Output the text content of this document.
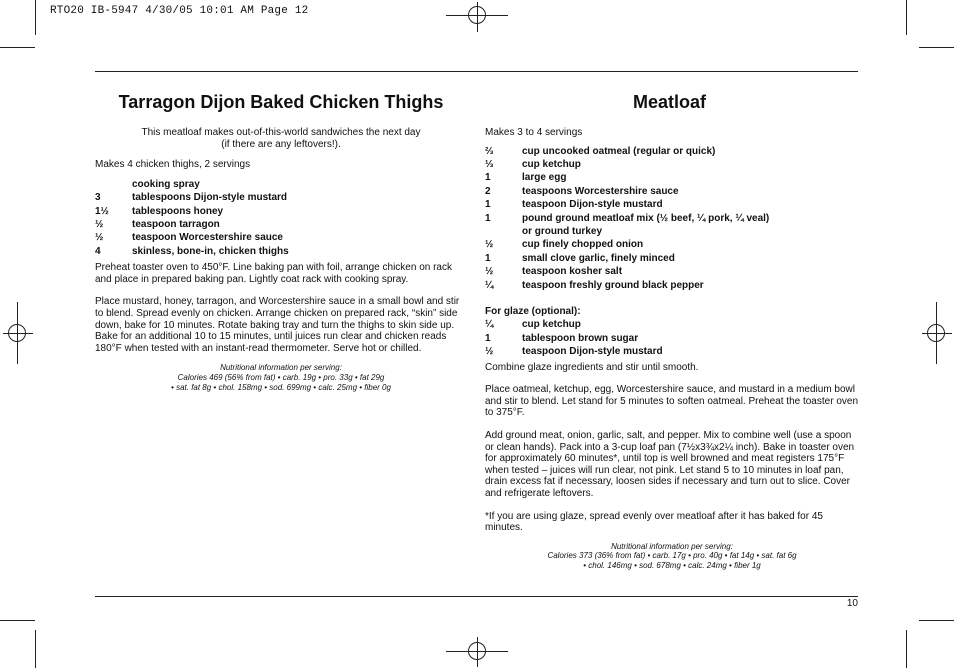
RTO20 IB-5947 4/30/05 10:01 AM Page 12
Tarragon Dijon Baked Chicken Thighs

This meatloaf makes out-of-this-world sandwiches the next day
(if there are any leftovers!).

Makes 4 chicken thighs, 2 servings

cooking spray
3	tablespoons Dijon-style mustard
1½	tablespoons honey
½	teaspoon tarragon
½	teaspoon Worcestershire sauce
4	skinless, bone-in, chicken thighs

Preheat toaster oven to 450°F. Line baking pan with foil, arrange chicken on rack and place in prepared baking pan. Lightly coat rack with cooking spray.

Place mustard, honey, tarragon, and Worcestershire sauce in a small bowl and stir to blend. Spread evenly on chicken. Arrange chicken on prepared rack, “skin” side down, bake for 10 minutes. Rotate baking tray and turn the thighs to skin side up. Bake for an additional 10 to 15 minutes, until juices run clear and chicken reads 180°F when tested with an instant-read thermometer. Serve hot or chilled.

Nutritional information per serving:
Calories 469 (56% from fat) • carb. 19g • pro. 33g • fat 29g
• sat. fat 8g • chol. 158mg • sod. 699mg • calc. 25mg • fiber 0g
Meatloaf

Makes 3 to 4 servings

⅔	cup uncooked oatmeal (regular or quick)
⅓	cup ketchup
1	large egg
2	teaspoons Worcestershire sauce
1	teaspoon Dijon-style mustard
1	pound ground meatloaf mix (½ beef, ¼ pork, ¼ veal)
or ground turkey
½	cup finely chopped onion
1	small clove garlic, finely minced
½	teaspoon kosher salt
¼	teaspoon freshly ground black pepper
For glaze (optional):
¼	cup ketchup
1	tablespoon brown sugar
½	teaspoon Dijon-style mustard

Combine glaze ingredients and stir until smooth.

Place oatmeal, ketchup, egg, Worcestershire sauce, and mustard in a medium bowl and stir to blend. Let stand for 5 minutes to soften oatmeal. Preheat the toaster oven to 375°F.

Add ground meat, onion, garlic, salt, and pepper. Mix to combine well (use a spoon or clean hands). Pack into a 3-cup loaf pan (7½x3¾x2¼ inch). Bake in toaster oven for approximately 60 minutes*, until top is well browned and meat registers 175°F when tested – juices will run clear, not pink. Let stand 5 to 10 minutes in loaf pan, drain excess fat if necessary, loosen sides if necessary and turn out to slice. Cover and refrigerate leftovers.

*If you are using glaze, spread evenly over meatloaf after it has baked for 45 minutes.

Nutritional information per serving:
Calories 373 (36% from fat) • carb. 17g • pro. 40g • fat 14g • sat. fat 6g
• chol. 146mg • sod. 678mg • calc. 24mg • fiber 1g
10
